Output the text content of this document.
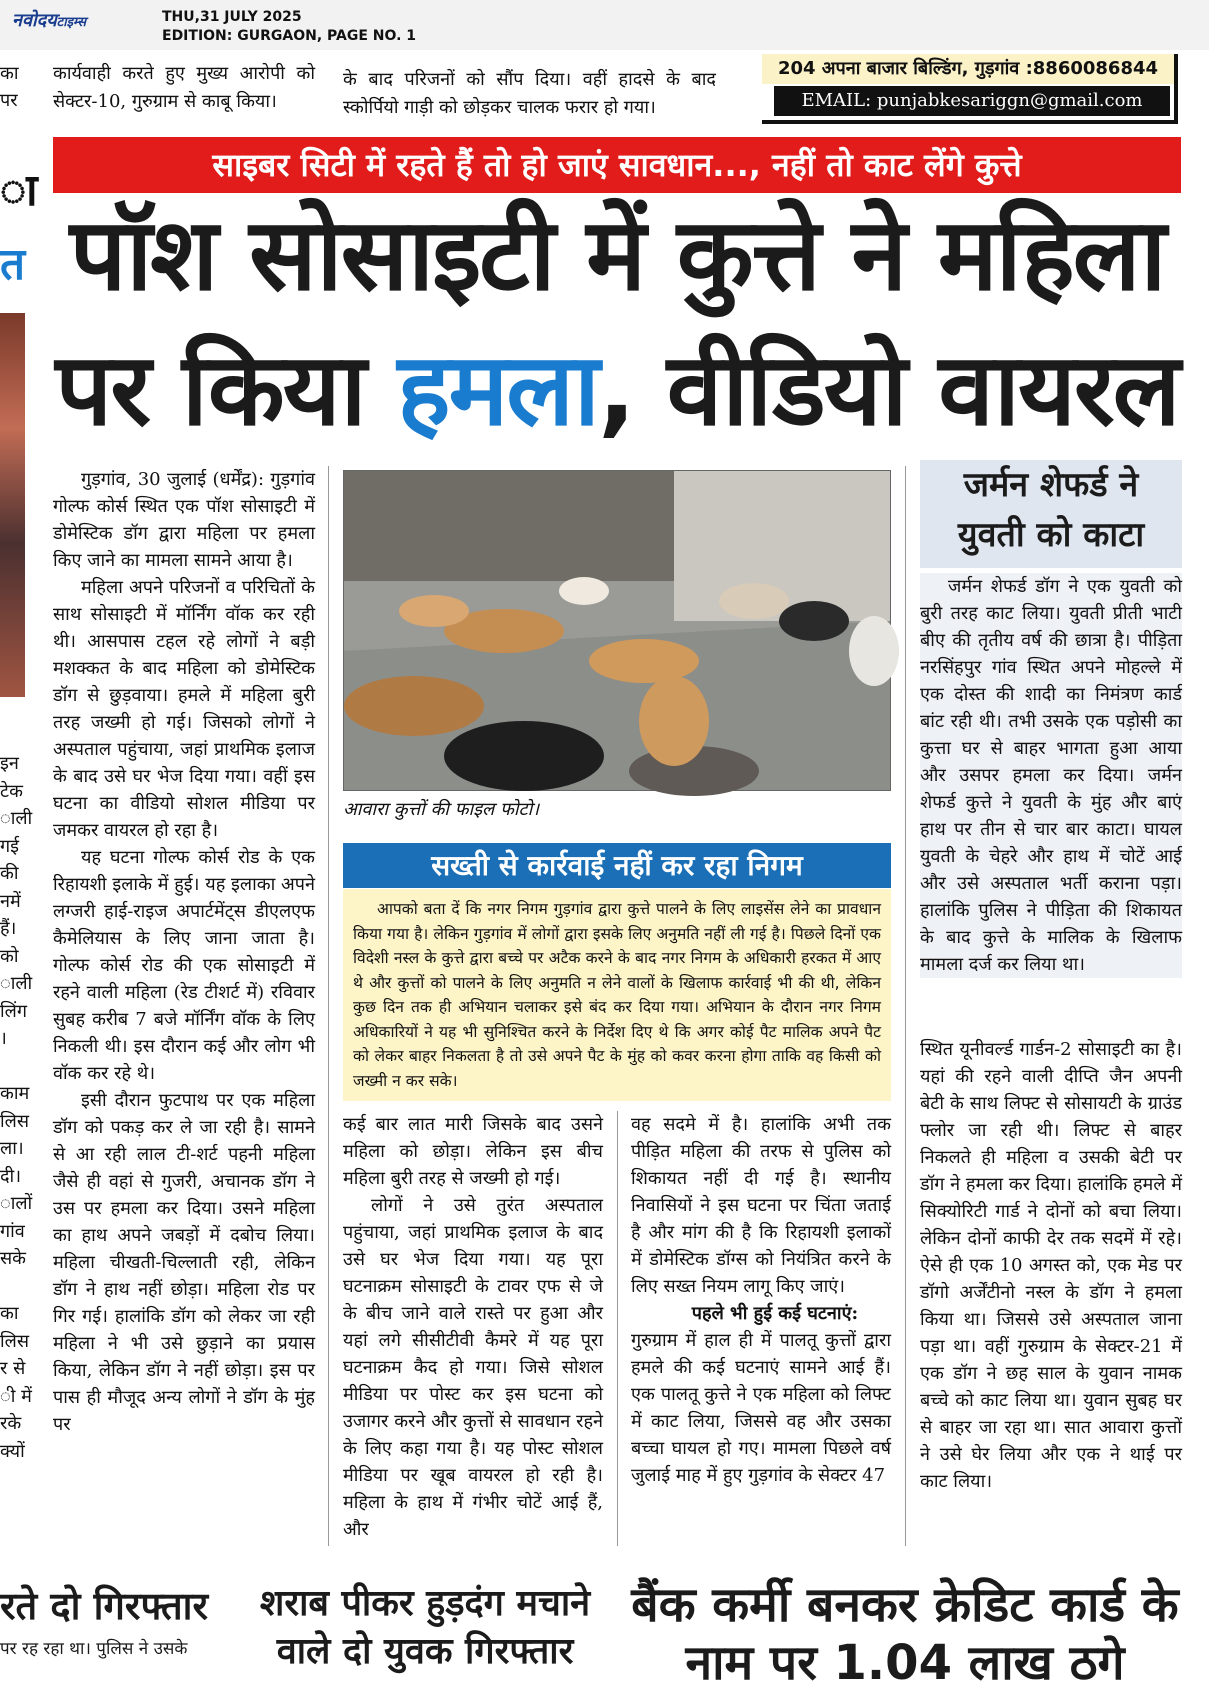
नवोदयटाइम्स	THU,31 JULY 2025
EDITION: GURGAON, PAGE NO. 1
का
पर
कार्यवाही करते हुए मुख्य आरोपी को सेक्टर-10, गुरुग्राम से काबू किया।
के बाद परिजनों को सौंप दिया। वहीं हादसे के बाद स्कोर्पियो गाड़ी को छोड़कर चालक फरार हो गया।
204 अपना बाजार बिल्डिंग, गुड़गांव :8860086844
EMAIL: punjabkesariggn@gmail.com
ा
त
इन
टेक
ाली
गई
की
नमें
हैं।
को
ाली
लिंग
।

काम
लिस
ला।
दी।
ालों
गांव
सके

का
लिस
र से
ी में
रके
क्यों
साइबर सिटी में रहते हैं तो हो जाएं सावधान..., नहीं तो काट लेंगे कुत्ते
पॉश सोसाइटी में कुत्ते ने महिला
पर किया हमला, वीडियो वायरल

गुड़गांव, 30 जुलाई (धर्मेंद्र): गुड़गांव गोल्फ कोर्स स्थित एक पॉश सोसाइटी में डोमेस्टिक डॉग द्वारा महिला पर हमला किए जाने का मामला सामने आया है।

महिला अपने परिजनों व परिचितों के साथ सोसाइटी में मॉर्निंग वॉक कर रही थी। आसपास टहल रहे लोगों ने बड़ी मशक्कत के बाद महिला को डोमेस्टिक डॉग से छुड़वाया। हमले में महिला बुरी तरह जख्मी हो गई। जिसको लोगों ने अस्पताल पहुंचाया, जहां प्राथमिक इलाज के बाद उसे घर भेज दिया गया। वहीं इस घटना का वीडियो सोशल मीडिया पर जमकर वायरल हो रहा है।

यह घटना गोल्फ कोर्स रोड के एक रिहायशी इलाके में हुई। यह इलाका अपने लग्जरी हाई-राइज अपार्टमेंट्स डीएलएफ कैमेलियास के लिए जाना जाता है। गोल्फ कोर्स रोड की एक सोसाइटी में रहने वाली महिला (रेड टीशर्ट में) रविवार सुबह करीब 7 बजे मॉर्निंग वॉक के लिए निकली थी। इस दौरान कई और लोग भी वॉक कर रहे थे।

इसी दौरान फुटपाथ पर एक महिला डॉग को पकड़ कर ले जा रही है। सामने से आ रही लाल टी-शर्ट पहनी महिला जैसे ही वहां से गुजरी, अचानक डॉग ने उस पर हमला कर दिया। उसने महिला का हाथ अपने जबड़ों में दबोच लिया। महिला चीखती-चिल्लाती रही, लेकिन डॉग ने हाथ नहीं छोड़ा। महिला रोड पर गिर गई। हालांकि डॉग को लेकर जा रही महिला ने भी उसे छुड़ाने का प्रयास किया, लेकिन डॉग ने नहीं छोड़ा। इस पर पास ही मौजूद अन्य लोगों ने डॉग के मुंह पर

आवारा कुत्तों की फाइल फोटो।
सख्ती से कार्रवाई नहीं कर रहा निगम

आपको बता दें कि नगर निगम गुड़गांव द्वारा कुत्ते पालने के लिए लाइसेंस लेने का प्रावधान किया गया है। लेकिन गुड़गांव में लोगों द्वारा इसके लिए अनुमति नहीं ली गई है। पिछले दिनों एक विदेशी नस्ल के कुत्ते द्वारा बच्चे पर अटैक करने के बाद नगर निगम के अधिकारी हरकत में आए थे और कुत्तों को पालने के लिए अनुमति न लेने वालों के खिलाफ कार्रवाई भी की थी, लेकिन कुछ दिन तक ही अभियान चलाकर इसे बंद कर दिया गया। अभियान के दौरान नगर निगम अधिकारियों ने यह भी सुनिश्चित करने के निर्देश दिए थे कि अगर कोई पैट मालिक अपने पैट को लेकर बाहर निकलता है तो उसे अपने पैट के मुंह को कवर करना होगा ताकि वह किसी को जख्मी न कर सके।

कई बार लात मारी जिसके बाद उसने महिला को छोड़ा। लेकिन इस बीच महिला बुरी तरह से जख्मी हो गई।

लोगों ने उसे तुरंत अस्पताल पहुंचाया, जहां प्राथमिक इलाज के बाद उसे घर भेज दिया गया। यह पूरा घटनाक्रम सोसाइटी के टावर एफ से जे के बीच जाने वाले रास्ते पर हुआ और यहां लगे सीसीटीवी कैमरे में यह पूरा घटनाक्रम कैद हो गया। जिसे सोशल मीडिया पर पोस्ट कर इस घटना को उजागर करने और कुत्तों से सावधान रहने के लिए कहा गया है। यह पोस्ट सोशल मीडिया पर खूब वायरल हो रही है। महिला के हाथ में गंभीर चोटें आई हैं, और

वह सदमे में है। हालांकि अभी तक पीड़ित महिला की तरफ से पुलिस को शिकायत नहीं दी गई है। स्थानीय निवासियों ने इस घटना पर चिंता जताई है और मांग की है कि रिहायशी इलाकों में डोमेस्टिक डॉग्स को नियंत्रित करने के लिए सख्त नियम लागू किए जाएं।

पहले भी हुई कई घटनाएं:

गुरुग्राम में हाल ही में पालतू कुत्तों द्वारा हमले की कई घटनाएं सामने आई हैं। एक पालतू कुत्ते ने एक महिला को लिफ्ट में काट लिया, जिससे वह और उसका बच्चा घायल हो गए। मामला पिछले वर्ष जुलाई माह में हुए गुड़गांव के सेक्टर 47

जर्मन शेफर्ड ने
युवती को काटा

जर्मन शेफर्ड डॉग ने एक युवती को बुरी तरह काट लिया। युवती प्रीती भाटी बीए की तृतीय वर्ष की छात्रा है। पीड़िता नरसिंहपुर गांव स्थित अपने मोहल्ले में एक दोस्त की शादी का निमंत्रण कार्ड बांट रही थी। तभी उसके एक पड़ोसी का कुत्ता घर से बाहर भागता हुआ आया और उसपर हमला कर दिया। जर्मन शेफर्ड कुत्ते ने युवती के मुंह और बाएं हाथ पर तीन से चार बार काटा। घायल युवती के चेहरे और हाथ में चोटें आई और उसे अस्पताल भर्ती कराना पड़ा। हालांकि पुलिस ने पीड़िता की शिकायत के बाद कुत्ते के मालिक के खिलाफ मामला दर्ज कर लिया था।

स्थित यूनीवर्ल्ड गार्डन-2 सोसाइटी का है। यहां की रहने वाली दीप्ति जैन अपनी बेटी के साथ लिफ्ट से सोसायटी के ग्राउंड फ्लोर जा रही थी। लिफ्ट से बाहर निकलते ही महिला व उसकी बेटी पर डॉग ने हमला कर दिया। हालांकि हमले में सिक्योरिटी गार्ड ने दोनों को बचा लिया। लेकिन दोनों काफी देर तक सदमें में रहे। ऐसे ही एक 10 अगस्त को, एक मेड पर डॉगो अर्जेंटीनो नस्ल के डॉग ने हमला किया था। जिससे उसे अस्पताल जाना पड़ा था। वहीं गुरुग्राम के सेक्टर-21 में एक डॉग ने छह साल के युवान नामक बच्चे को काट लिया था। युवान सुबह घर से बाहर जा रहा था। सात आवारा कुत्तों ने उसे घेर लिया और एक ने थाई पर काट लिया।

रते दो गिरफ्तार
पर रह रहा था। पुलिस ने उसके
शराब पीकर हुड़दंग मचाने वाले दो युवक गिरफ्तार
बैंक कर्मी बनकर क्रेडिट कार्ड के नाम पर 1.04 लाख ठगे
